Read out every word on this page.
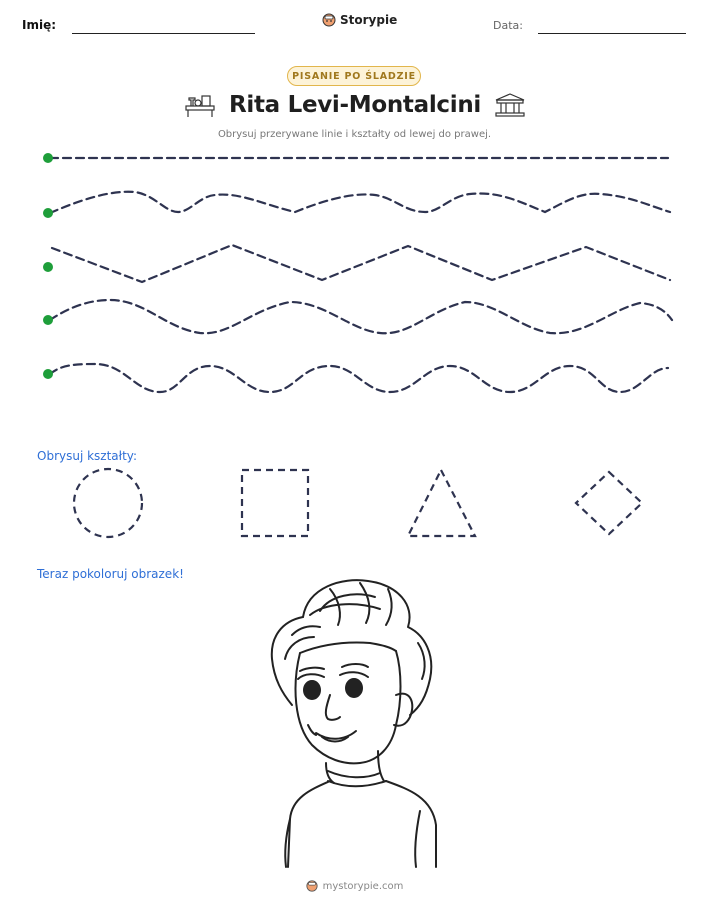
Imię:	Storypie	Data:
PISANIE PO ŚLADZIE
Rita Levi-Montalcini
Obrysuj przerywane linie i kształty od lewej do prawej.
Obrysuj kształty:
Teraz pokoloruj obrazek!
mystorypie.com
